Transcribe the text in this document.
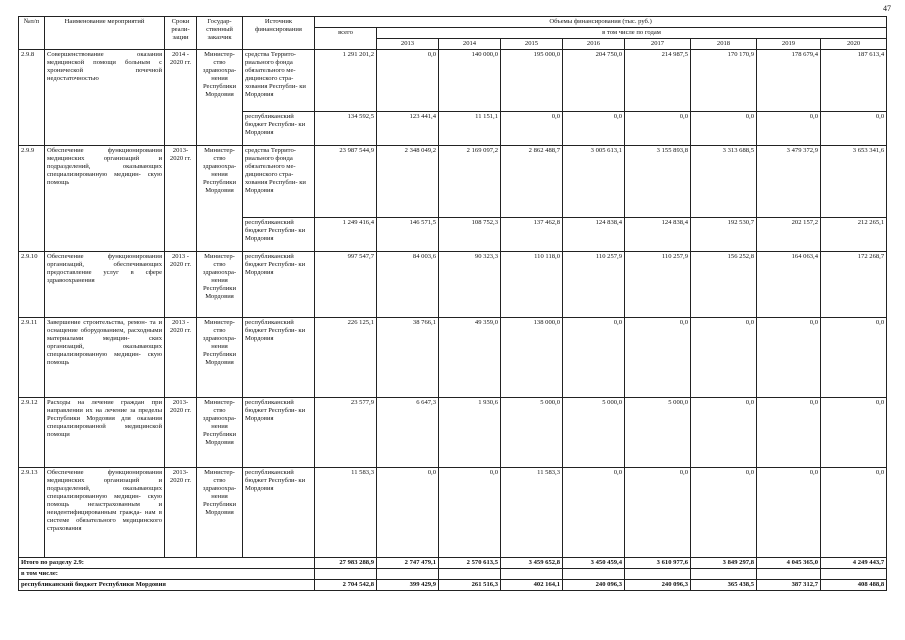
47
№п/п	Наименование мероприятий	Сроки реали- зации	Государ- ственный заказчик	Источник финансирования	Объемы финансирования (тыс. руб.)								
					всего	в том числе по годам							
						2013	2014	2015	2016	2017	2018	2019	2020
2.9.8	Совершенствование оказания медицинской помощи больным с хронической почечной недостаточностью	2014 - 2020 гг.	Министер- ство здравоохра- нения Республики Мордовия	средства Террито- риального фонда обязательного ме- дицинского стра- хования Республи- ки Мордовия	1 291 201,2	0,0	140 000,0	195 000,0	204 750,0	214 987,5	170 170,9	178 679,4	187 613,4
				республиканский бюджет Республи- ки Мордовия	134 592,5	123 441,4	11 151,1	0,0	0,0	0,0	0,0	0,0	0,0
2.9.9	Обеспечение функционирования медицинских организаций и подразделений, оказывающих специализированную медицин- скую помощь	2013- 2020 гг.	Министер- ство здравоохра- нения Республики Мордовия	средства Террито- риального фонда обязательного ме- дицинского стра- хования Республи- ки Мордовия	23 987 544,9	2 348 049,2	2 169 097,2	2 862 488,7	3 005 613,1	3 155 893,8	3 313 688,5	3 479 372,9	3 653 341,6
				республиканский бюджет Республи- ки Мордовия	1 249 416,4	146 571,5	108 752,3	137 462,8	124 838,4	124 838,4	192 530,7	202 157,2	212 265,1
2.9.10	Обеспечение функционирования организаций, обеспечивающих предоставление услуг в сфере здравоохранения	2013 - 2020 гг.	Министер- ство здравоохра- нения Республики Мордовия	республиканский бюджет Республи- ки Мордовия	997 547,7	84 003,6	90 323,3	110 118,0	110 257,9	110 257,9	156 252,8	164 063,4	172 268,7
2.9.11	Завершение строительства, ремон- та и оснащение оборудованием, расходными материалами медицин- ских организаций, оказывающих специализированную медицин- скую помощь	2013 - 2020 гг.	Министер- ство здравоохра- нения Республики Мордовия	республиканский бюджет Республи- ки Мордовия	226 125,1	38 766,1	49 359,0	138 000,0	0,0	0,0	0,0	0,0	0,0
2.9.12	Расходы на лечение граждан при направлении их на лечение за пределы Республики Мордовия для оказания специализированной медицинской помощи	2013- 2020 гг.	Министер- ство здравоохра- нения Республики Мордовия	республиканский бюджет Республи- ки Мордовия	23 577,9	6 647,3	1 930,6	5 000,0	5 000,0	5 000,0	0,0	0,0	0,0
2.9.13	Обеспечение функционирования медицинских организаций и подразделений, оказывающих специализированную медицин- скую помощь незастрахованным и неидентифицированным гражда- нам в системе обязательного медицинского страхования	2013- 2020 гг.	Министер- ство здравоохра- нения Республики Мордовия	республиканский бюджет Республи- ки Мордовия	11 583,3	0,0	0,0	11 583,3	0,0	0,0	0,0	0,0	0,0
Итого по разделу 2.9:					27 983 288,9	2 747 479,1	2 570 613,5	3 459 652,8	3 450 459,4	3 610 977,6	3 849 297,8	4 045 365,0	4 249 443,7
в том числе:													
республиканский бюджет Республики Мордовия					2 704 542,8	399 429,9	261 516,3	402 164,1	240 096,3	240 096,3	365 438,5	387 312,7	408 488,8
